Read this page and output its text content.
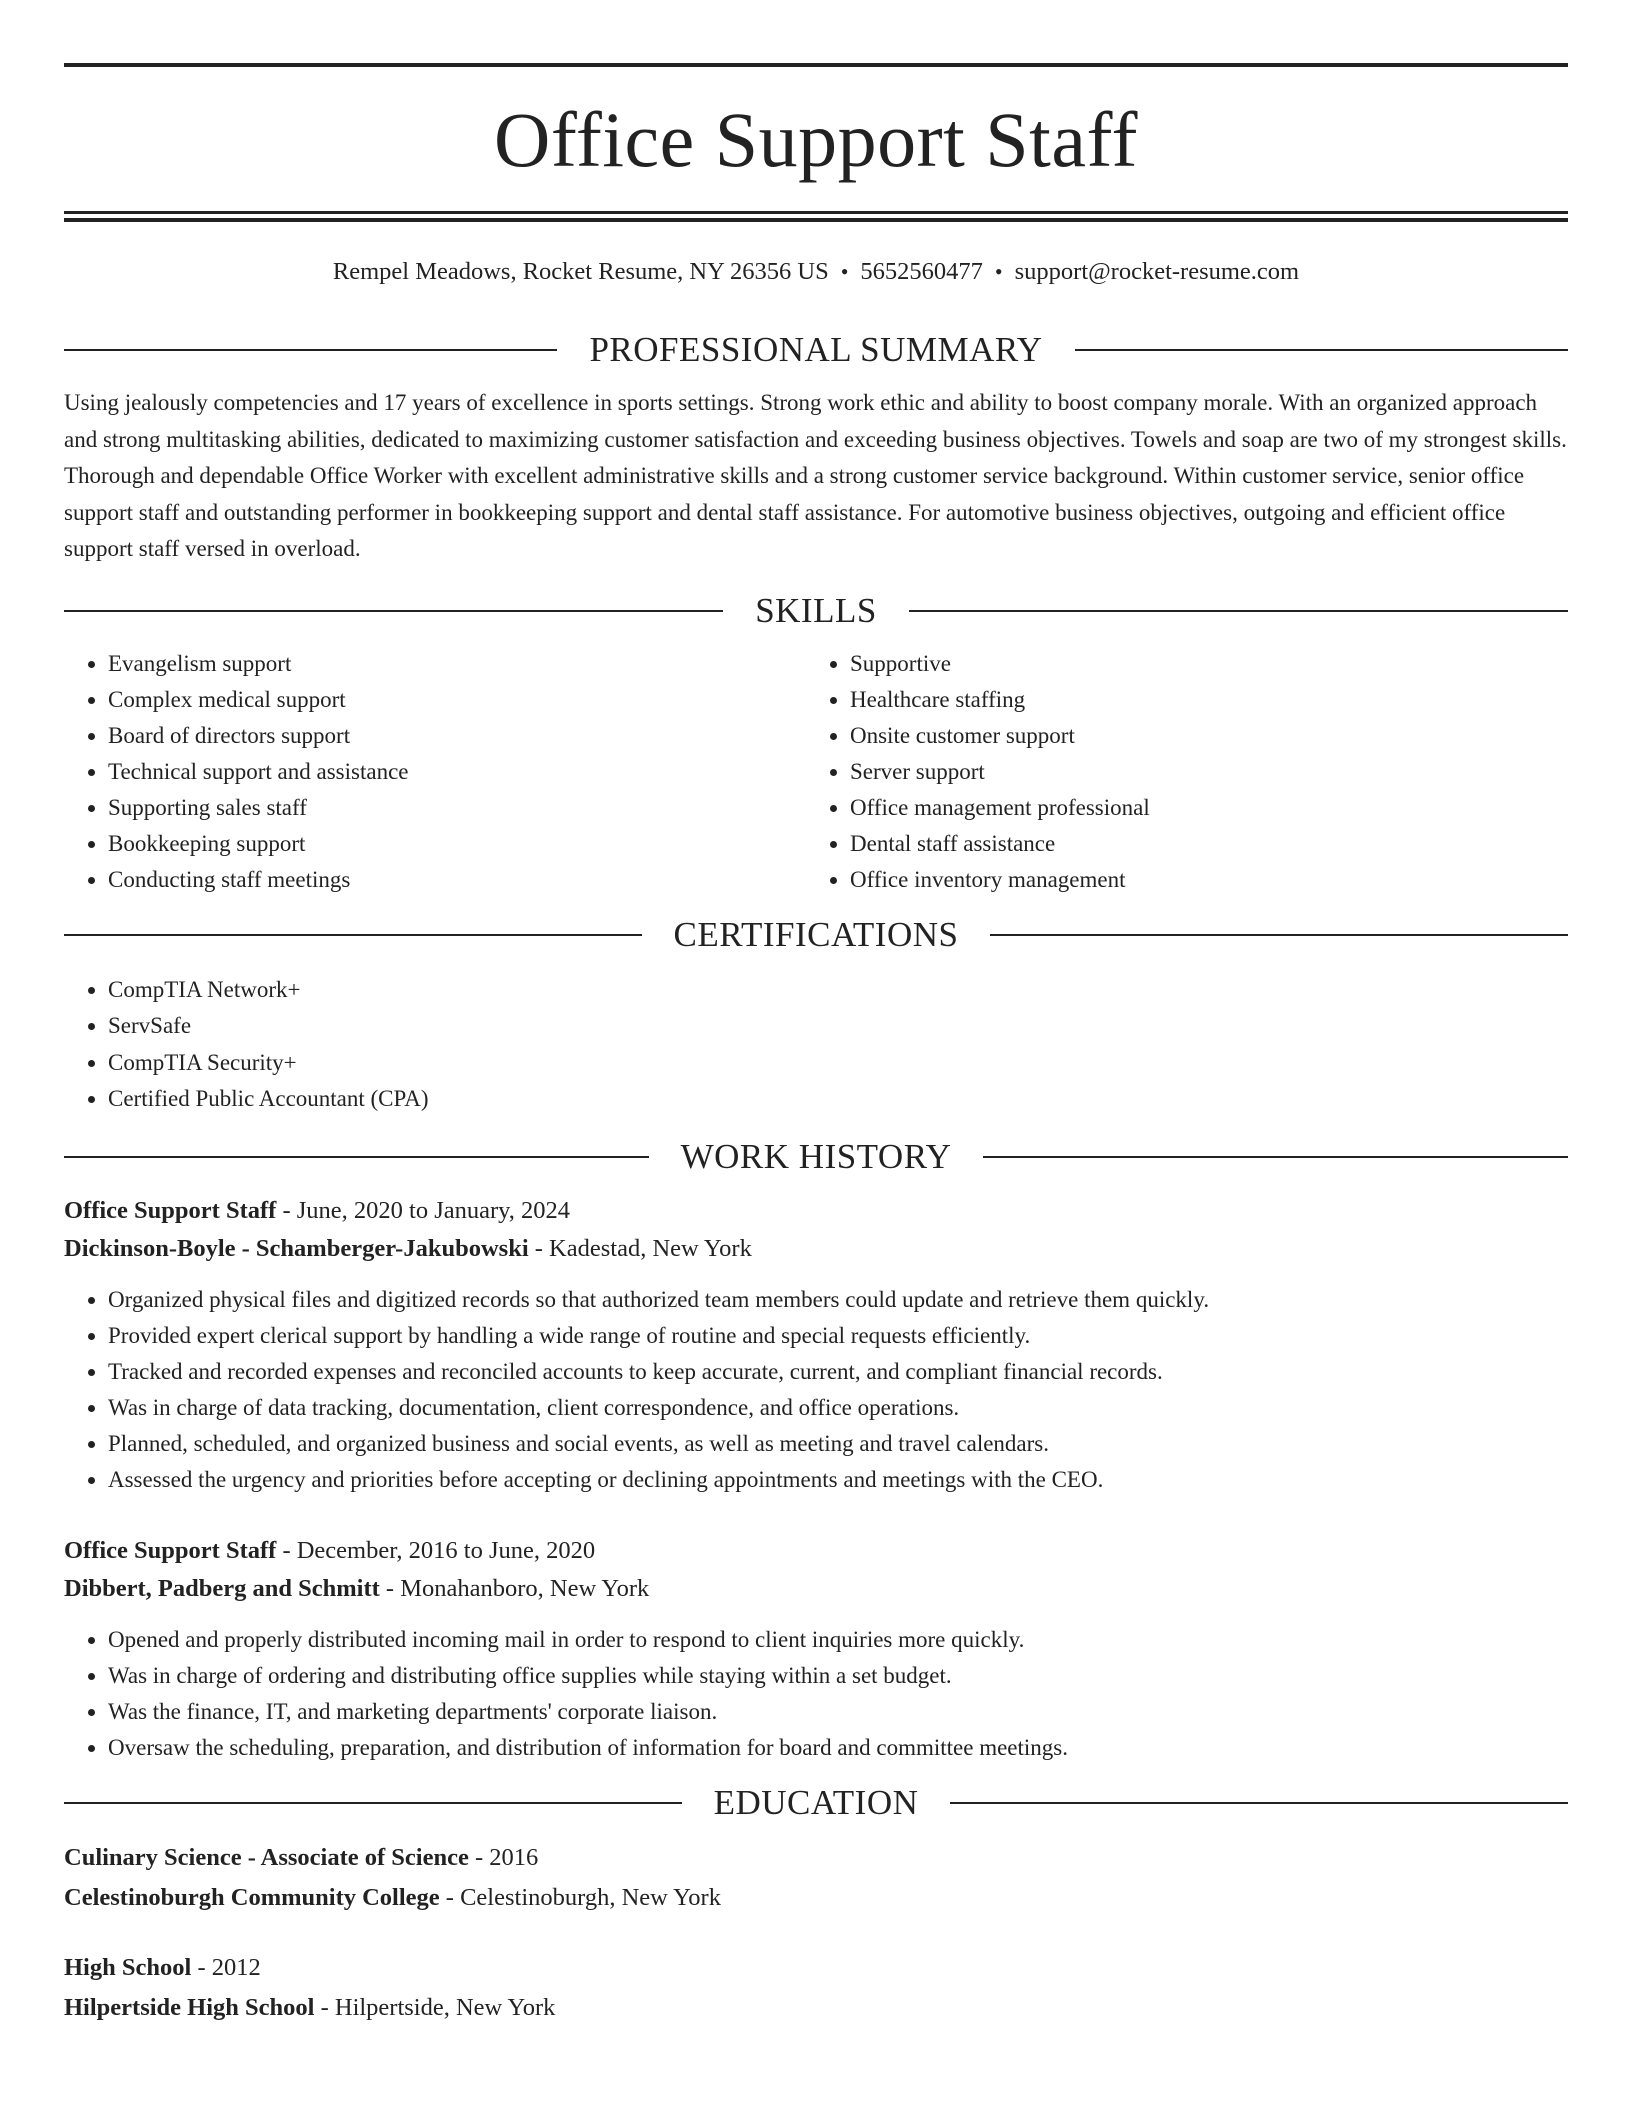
Office Support Staff
Rempel Meadows, Rocket Resume, NY 26356 US • 5652560477 • support@rocket-resume.com
PROFESSIONAL SUMMARY

Using jealously competencies and 17 years of excellence in sports settings. Strong work ethic and ability to boost company morale. With an organized approach and strong multitasking abilities, dedicated to maximizing customer satisfaction and exceeding business objectives. Towels and soap are two of my strongest skills. Thorough and dependable Office Worker with excellent administrative skills and a strong customer service background. Within customer service, senior office support staff and outstanding performer in bookkeeping support and dental staff assistance. For automotive business objectives, outgoing and efficient office support staff versed in overload.

SKILLS
• Evangelism support
• Complex medical support
• Board of directors support
• Technical support and assistance
• Supporting sales staff
• Bookkeeping support
• Conducting staff meetings
• Supportive
• Healthcare staffing
• Onsite customer support
• Server support
• Office management professional
• Dental staff assistance
• Office inventory management
CERTIFICATIONS
• CompTIA Network+
• ServSafe
• CompTIA Security+
• Certified Public Accountant (CPA)
WORK HISTORY
Office Support Staff - June, 2020 to January, 2024
Dickinson-Boyle - Schamberger-Jakubowski - Kadestad, New York
• Organized physical files and digitized records so that authorized team members could update and retrieve them quickly.
• Provided expert clerical support by handling a wide range of routine and special requests efficiently.
• Tracked and recorded expenses and reconciled accounts to keep accurate, current, and compliant financial records.
• Was in charge of data tracking, documentation, client correspondence, and office operations.
• Planned, scheduled, and organized business and social events, as well as meeting and travel calendars.
• Assessed the urgency and priorities before accepting or declining appointments and meetings with the CEO.
Office Support Staff - December, 2016 to June, 2020
Dibbert, Padberg and Schmitt - Monahanboro, New York
• Opened and properly distributed incoming mail in order to respond to client inquiries more quickly.
• Was in charge of ordering and distributing office supplies while staying within a set budget.
• Was the finance, IT, and marketing departments' corporate liaison.
• Oversaw the scheduling, preparation, and distribution of information for board and committee meetings.
EDUCATION
Culinary Science - Associate of Science - 2016
Celestinoburgh Community College - Celestinoburgh, New York
High School - 2012
Hilpertside High School - Hilpertside, New York
